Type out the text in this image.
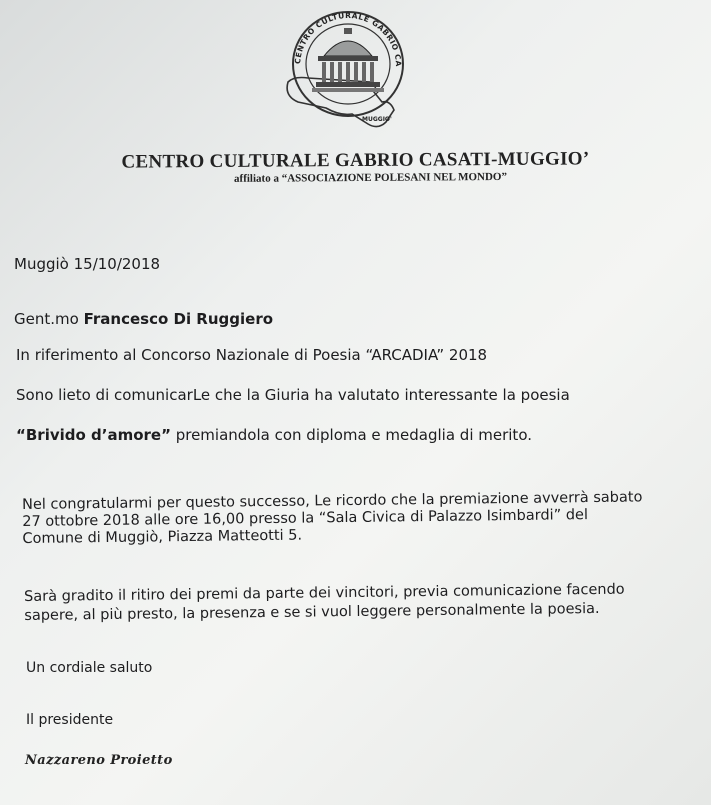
CENTRO CULTURALE GABRIO CA
MUGGIO'
CENTRO CULTURALE GABRIO CASATI-MUGGIO’
affiliato a “ASSOCIAZIONE POLESANI NEL MONDO”
Muggiò 15/10/2018
Gent.mo Francesco Di Ruggiero
In riferimento al Concorso Nazionale di Poesia “ARCADIA” 2018
Sono lieto di comunicarLe che la Giuria ha valutato interessante la poesia
“Brivido d’amore” premiandola con diploma e medaglia di merito.
Nel congratularmi per questo successo, Le ricordo che la premiazione avverrà sabato
27 ottobre 2018 alle ore 16,00 presso la “Sala Civica di Palazzo Isimbardi” del
Comune di Muggiò, Piazza Matteotti 5.
Sarà gradito il ritiro dei premi da parte dei vincitori, previa comunicazione facendo
sapere, al più presto, la presenza e se si vuol leggere personalmente la poesia.
Un cordiale saluto
Il presidente
Nazzareno Proietto
